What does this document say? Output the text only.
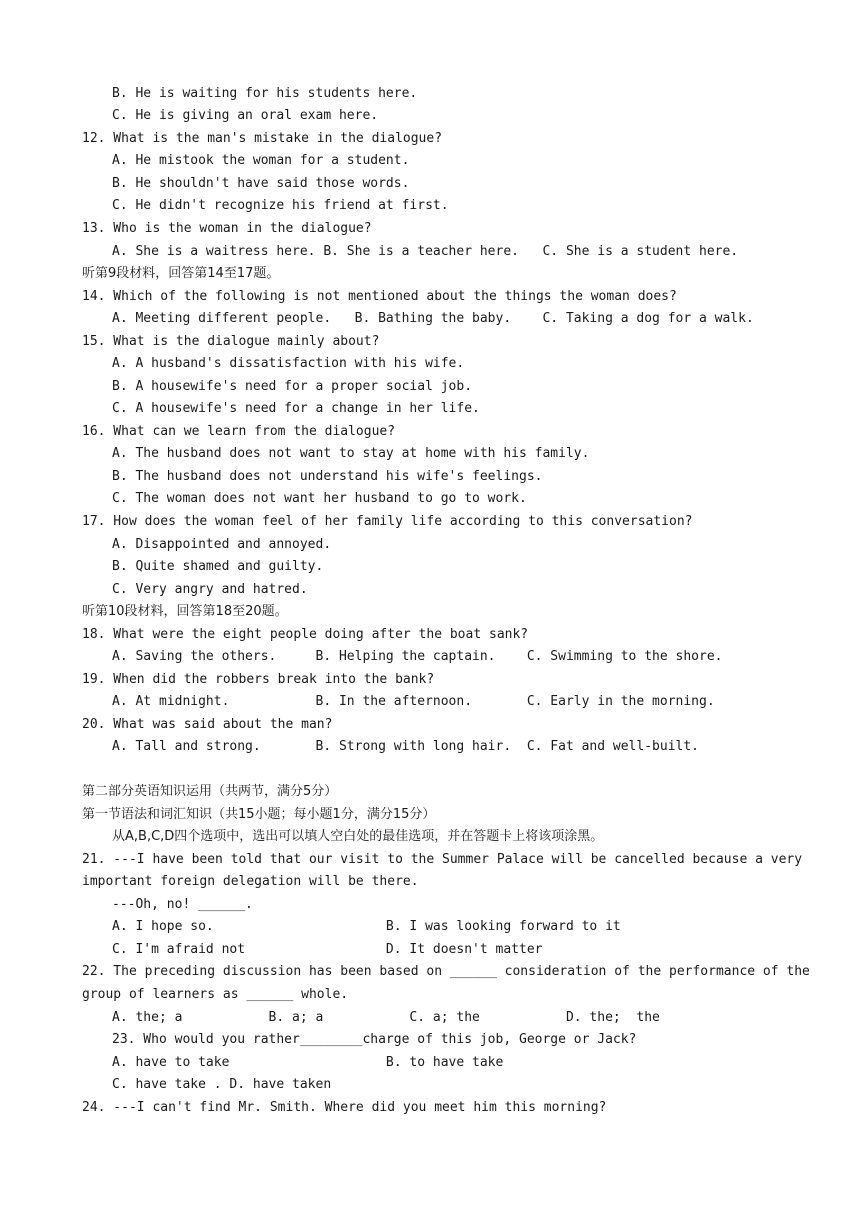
B. He is waiting for his students here.
C. He is giving an oral exam here.
12. What is the man's mistake in the dialogue?
A. He mistook the woman for a student.
B. He shouldn't have said those words.
C. He didn't recognize his friend at first.
13. Who is the woman in the dialogue?
A. She is a waitress here. B. She is a teacher here.   C. She is a student here.
听第9段材料，回答第14至17题。
14. Which of the following is not mentioned about the things the woman does?
A. Meeting different people.   B. Bathing the baby.    C. Taking a dog for a walk.
15. What is the dialogue mainly about?
A. A husband's dissatisfaction with his wife.
B. A housewife's need for a proper social job.
C. A housewife's need for a change in her life.
16. What can we learn from the dialogue?
A. The husband does not want to stay at home with his family.
B. The husband does not understand his wife's feelings.
C. The woman does not want her husband to go to work.
17. How does the woman feel of her family life according to this conversation?
A. Disappointed and annoyed.
B. Quite shamed and guilty.
C. Very angry and hatred.
听第10段材料，回答第18至20题。
18. What were the eight people doing after the boat sank?
A. Saving the others.     B. Helping the captain.    C. Swimming to the shore.
19. When did the robbers break into the bank?
A. At midnight.           B. In the afternoon.       C. Early in the morning.
20. What was said about the man?
A. Tall and strong.       B. Strong with long hair.  C. Fat and well-built.
第二部分英语知识运用（共两节，满分5分）
第一节语法和词汇知识（共15小题；每小题1分，满分15分）
从A,B,C,D四个选项中，选出可以填人空白处的最佳选项，并在答题卡上将该项涂黑。
21. ---I have been told that our visit to the Summer Palace will be cancelled because a very
important foreign delegation will be there.
---Oh, no! ______.
A. I hope so.                      B. I was looking forward to it
C. I'm afraid not                  D. It doesn't matter
22. The preceding discussion has been based on ______ consideration of the performance of the
group of learners as ______ whole.
A. the; a           B. a; a           C. a; the           D. the;  the
23. Who would you rather________charge of this job, George or Jack?
A. have to take                    B. to have take
C. have take . D. have taken
24. ---I can't find Mr. Smith. Where did you meet him this morning?
